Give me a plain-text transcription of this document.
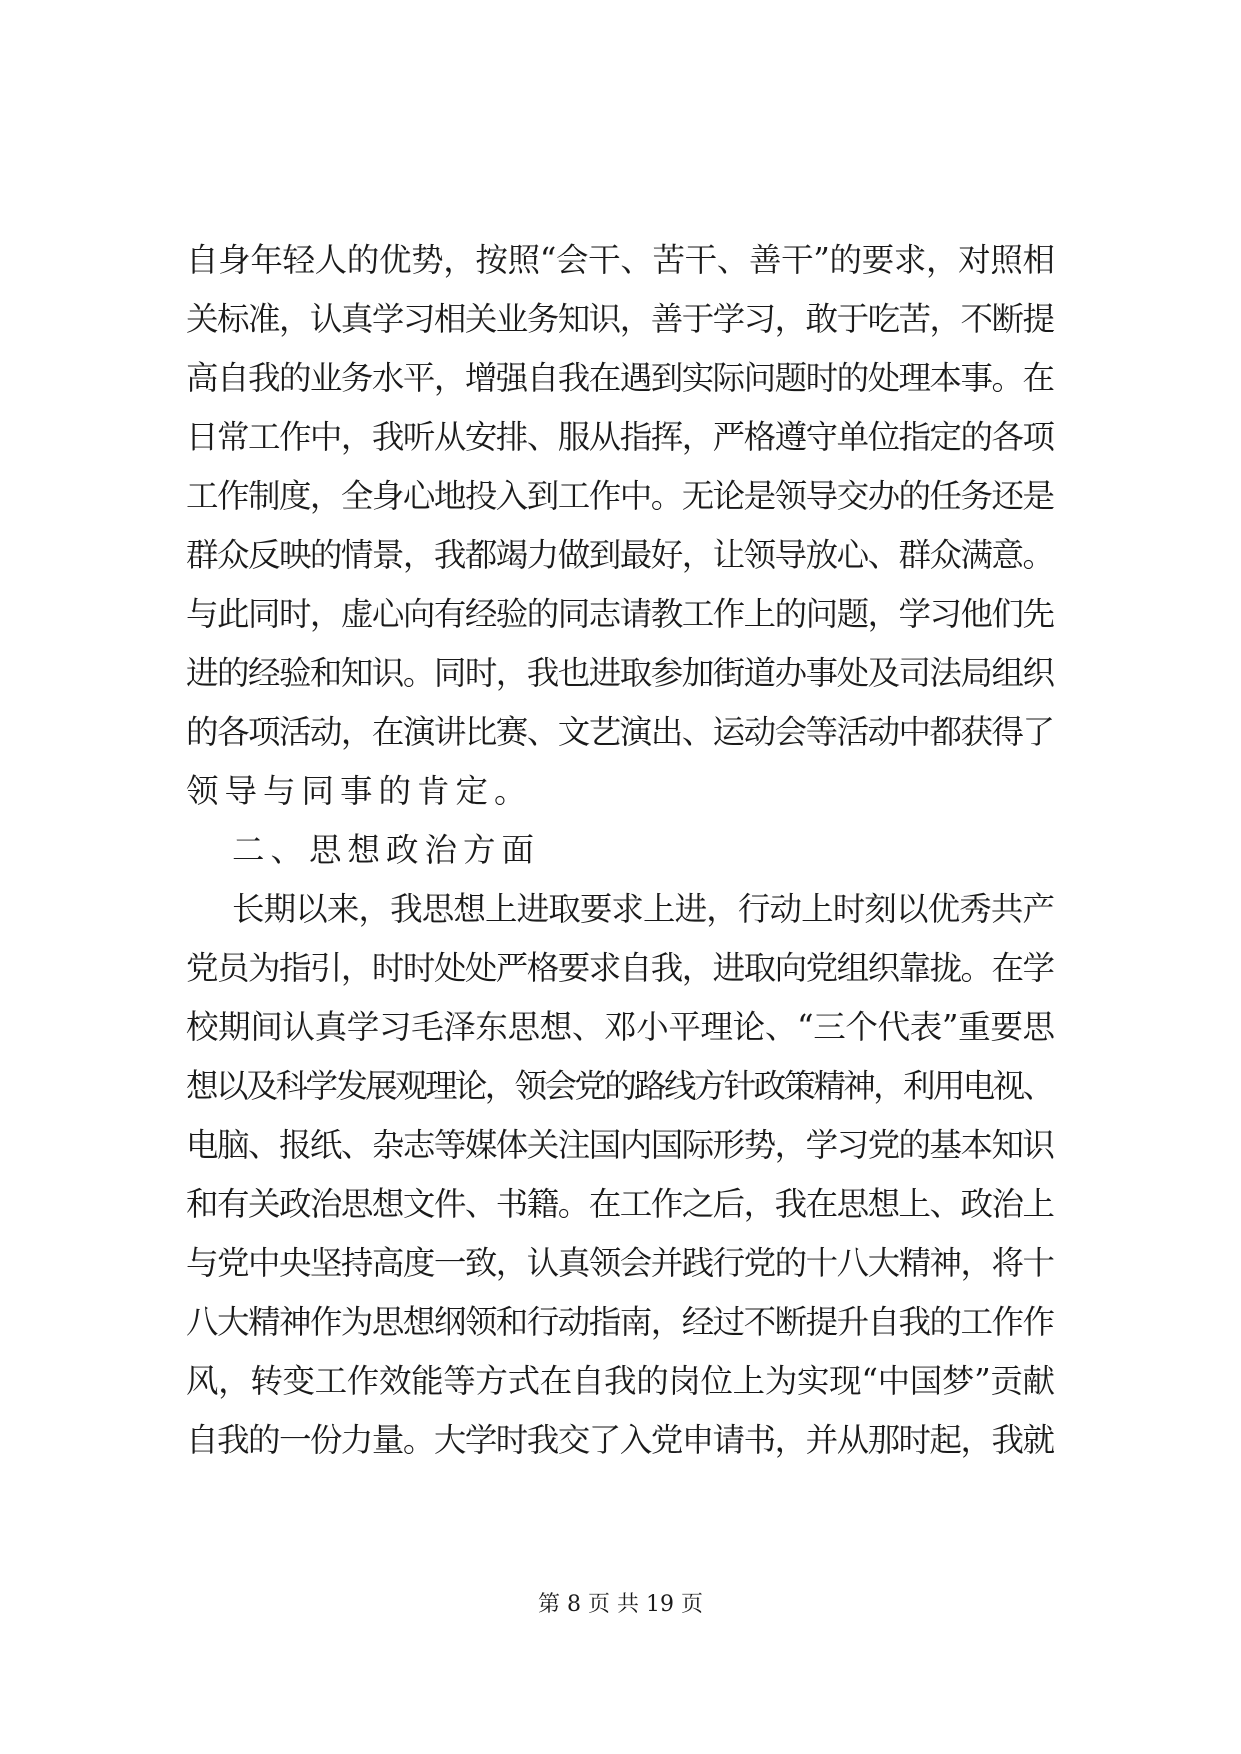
自身年轻人的优势，按照“会干、苦干、善干”的要求，对照相
关标准，认真学习相关业务知识，善于学习，敢于吃苦，不断提
高自我的业务水平，增强自我在遇到实际问题时的处理本事。在
日常工作中，我听从安排、服从指挥，严格遵守单位指定的各项
工作制度，全身心地投入到工作中。无论是领导交办的任务还是
群众反映的情景，我都竭力做到最好，让领导放心、群众满意。
与此同时，虚心向有经验的同志请教工作上的问题，学习他们先
进的经验和知识。同时，我也进取参加街道办事处及司法局组织
的各项活动，在演讲比赛、文艺演出、运动会等活动中都获得了
领导与同事的肯定。
二、思想政治方面
长期以来，我思想上进取要求上进，行动上时刻以优秀共产
党员为指引，时时处处严格要求自我，进取向党组织靠拢。在学
校期间认真学习毛泽东思想、邓小平理论、“三个代表”重要思
想以及科学发展观理论，领会党的路线方针政策精神，利用电视、
电脑、报纸、杂志等媒体关注国内国际形势，学习党的基本知识
和有关政治思想文件、书籍。在工作之后，我在思想上、政治上
与党中央坚持高度一致，认真领会并践行党的十八大精神，将十
八大精神作为思想纲领和行动指南，经过不断提升自我的工作作
风，转变工作效能等方式在自我的岗位上为实现“中国梦”贡献
自我的一份力量。大学时我交了入党申请书，并从那时起，我就
第 8 页 共 19 页
